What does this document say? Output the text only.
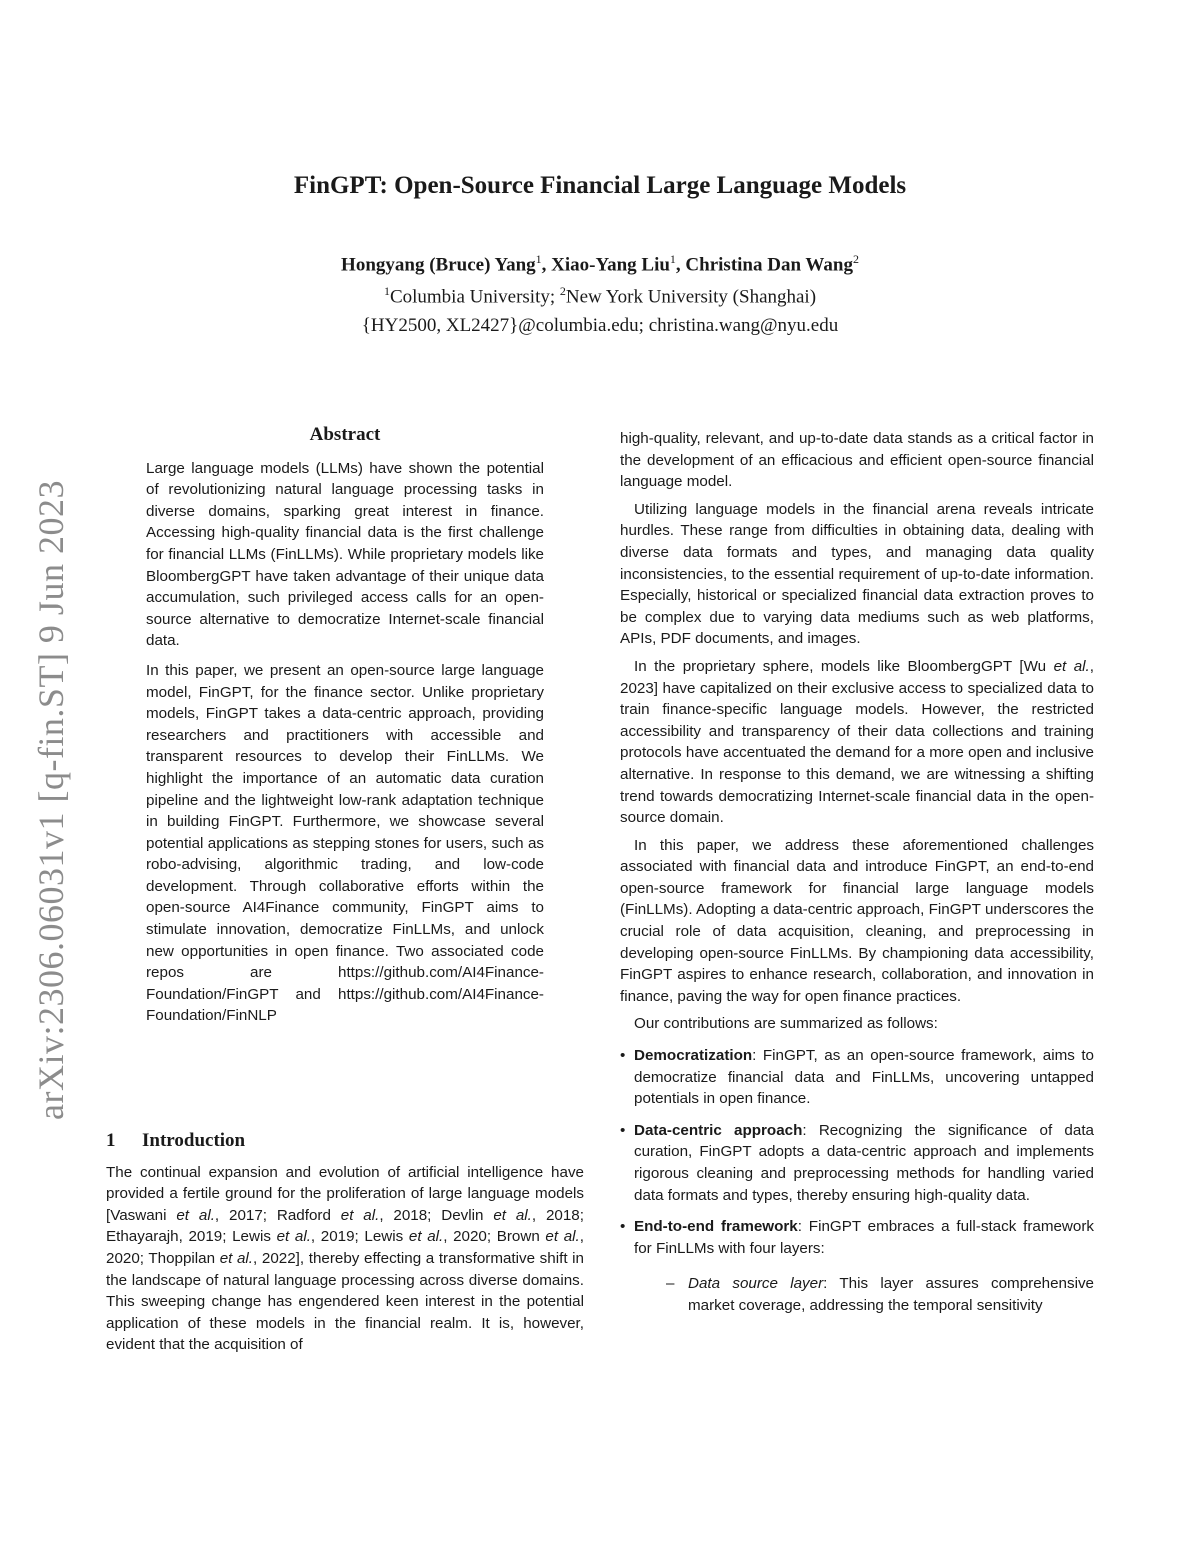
FinGPT: Open-Source Financial Large Language Models
Hongyang (Bruce) Yang$^1$, Xiao-Yang Liu$^1$, Christina Dan Wang$^2$
$^1$Columbia University; $^2$New York University (Shanghai)
{HY2500, XL2427}@columbia.edu; christina.wang@nyu.edu
arXiv:2306.06031v1 [q-fin.ST] 9 Jun 2023
Abstract

Large language models (LLMs) have shown the potential of revolutionizing natural language processing tasks in diverse domains, sparking great interest in finance. Accessing high-quality financial data is the first challenge for financial LLMs (FinLLMs). While proprietary models like BloombergGPT have taken advantage of their unique data accumulation, such privileged access calls for an open-source alternative to democratize Internet-scale financial data.

In this paper, we present an open-source large language model, FinGPT, for the finance sector. Unlike proprietary models, FinGPT takes a data-centric approach, providing researchers and practitioners with accessible and transparent resources to develop their FinLLMs. We highlight the importance of an automatic data curation pipeline and the lightweight low-rank adaptation technique in building FinGPT. Furthermore, we showcase several potential applications as stepping stones for users, such as robo-advising, algorithmic trading, and low-code development. Through collaborative efforts within the open-source AI4Finance community, FinGPT aims to stimulate innovation, democratize FinLLMs, and unlock new opportunities in open finance. Two associated code repos are https://github.com/AI4Finance-Foundation/FinGPT and https://github.com/AI4Finance-Foundation/FinNLP

1 Introduction

The continual expansion and evolution of artificial intelligence have provided a fertile ground for the proliferation of large language models [Vaswani et al., 2017; Radford et al., 2018; Devlin et al., 2018; Ethayarajh, 2019; Lewis et al., 2019; Lewis et al., 2020; Brown et al., 2020; Thoppilan et al., 2022], thereby effecting a transformative shift in the landscape of natural language processing across diverse domains. This sweeping change has engendered keen interest in the potential application of these models in the financial realm. It is, however, evident that the acquisition of

high-quality, relevant, and up-to-date data stands as a critical factor in the development of an efficacious and efficient open-source financial language model.

Utilizing language models in the financial arena reveals intricate hurdles. These range from difficulties in obtaining data, dealing with diverse data formats and types, and managing data quality inconsistencies, to the essential requirement of up-to-date information. Especially, historical or specialized financial data extraction proves to be complex due to varying data mediums such as web platforms, APIs, PDF documents, and images.

In the proprietary sphere, models like BloombergGPT [Wu et al., 2023] have capitalized on their exclusive access to specialized data to train finance-specific language models. However, the restricted accessibility and transparency of their data collections and training protocols have accentuated the demand for a more open and inclusive alternative. In response to this demand, we are witnessing a shifting trend towards democratizing Internet-scale financial data in the open-source domain.

In this paper, we address these aforementioned challenges associated with financial data and introduce FinGPT, an end-to-end open-source framework for financial large language models (FinLLMs). Adopting a data-centric approach, FinGPT underscores the crucial role of data acquisition, cleaning, and preprocessing in developing open-source FinLLMs. By championing data accessibility, FinGPT aspires to enhance research, collaboration, and innovation in finance, paving the way for open finance practices.

Our contributions are summarized as follows:

• Democratization: FinGPT, as an open-source framework, aims to democratize financial data and FinLLMs, uncovering untapped potentials in open finance.
• Data-centric approach: Recognizing the significance of data curation, FinGPT adopts a data-centric approach and implements rigorous cleaning and preprocessing methods for handling varied data formats and types, thereby ensuring high-quality data.
• End-to-end framework: FinGPT embraces a full-stack framework for FinLLMs with four layers:
– Data source layer: This layer assures comprehensive market coverage, addressing the temporal sensitivity
